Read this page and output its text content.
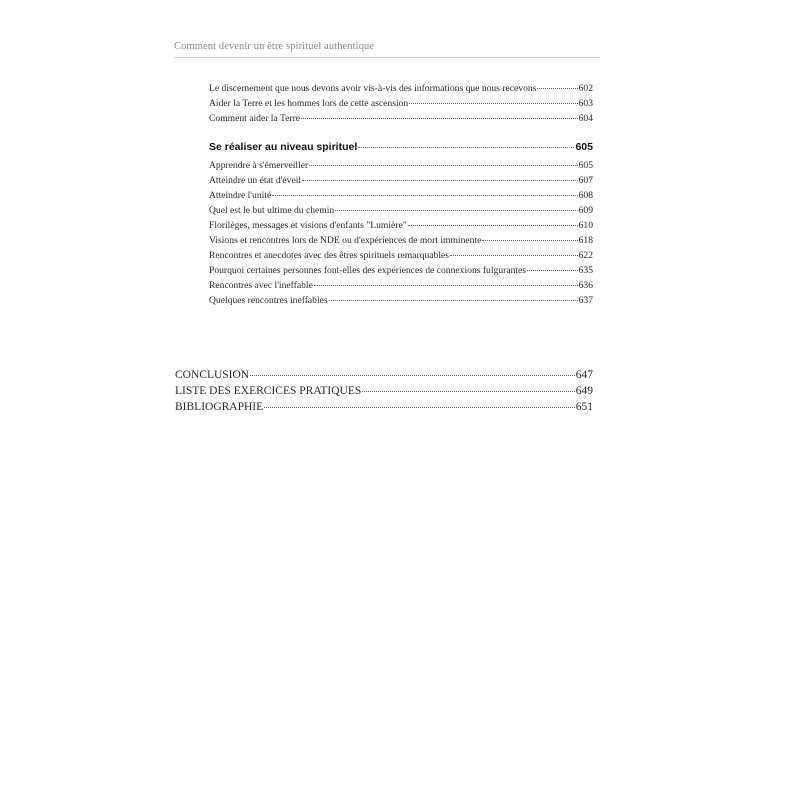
Comment devenir un être spirituel authentique
Le discernement que nous devons avoir vis-à-vis des informations que nous recevons	602
Aider la Terre et les hommes lors de cette ascension	603
Comment aider la Terre	604
Se réaliser au niveau spirituel	605
Apprendre à s'émerveiller	605
Atteindre un état d'éveil	607
Atteindre l'unité	608
Quel est le but ultime du chemin	609
Florilèges, messages et visions d'enfants "Lumière"	610
Visions et rencontres lors de NDE ou d'expériences de mort imminente	618
Rencontres et anecdotes avec des êtres spirituels remarquables	622
Pourquoi certaines personnes font-elles des expériences de connexions fulgurantes	635
Rencontres avec l'ineffable	636
Quelques rencontres ineffables	637
CONCLUSION	647
LISTE DES EXERCICES PRATIQUES	649
BIBLIOGRAPHIE	651
